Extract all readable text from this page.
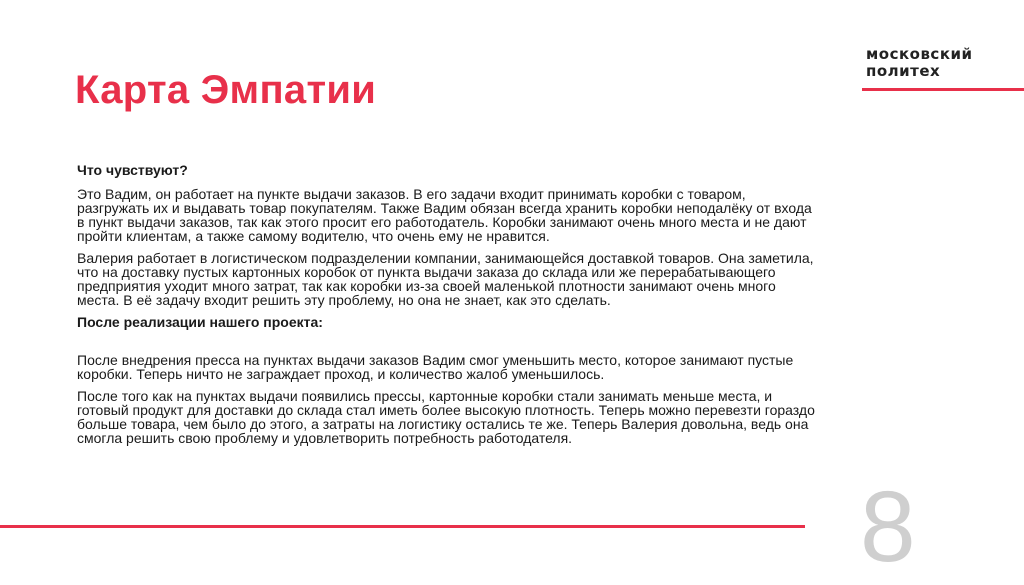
Карта Эмпатии
московский
политех
Что чувствуют?
Это Вадим, он работает на пункте выдачи заказов. В его задачи входит принимать коробки с товаром,
разгружать их и выдавать товар покупателям. Также Вадим обязан всегда хранить коробки неподалёку от входа
в пункт выдачи заказов, так как этого просит его работодатель. Коробки занимают очень много места и не дают
пройти клиентам, а также самому водителю, что очень ему не нравится.
Валерия работает в логистическом подразделении компании, занимающейся доставкой товаров. Она заметила,
что на доставку пустых картонных коробок от пункта выдачи заказа до склада или же перерабатывающего
предприятия уходит много затрат, так как коробки из-за своей маленькой плотности занимают очень много
места. В её задачу входит решить эту проблему, но она не знает, как это сделать.
После реализации нашего проекта:
После внедрения пресса на пунктах выдачи заказов Вадим смог уменьшить место, которое занимают пустые
коробки. Теперь ничто не заграждает проход, и количество жалоб уменьшилось.
После того как на пунктах выдачи появились прессы, картонные коробки стали занимать меньше места, и
готовый продукт для доставки до склада стал иметь более высокую плотность. Теперь можно перевезти гораздо
больше товара, чем было до этого, а затраты на логистику остались те же. Теперь Валерия довольна, ведь она
смогла решить свою проблему и удовлетворить потребность работодателя.
8
